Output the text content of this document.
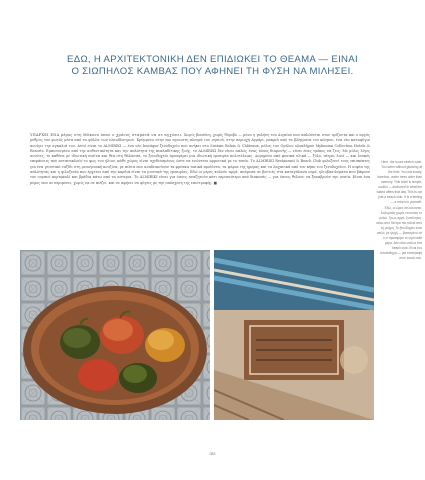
ΕΔΩ, Η ΑΡΧΙΤΕΚΤΟΝΙΚΗ ΔΕΝ ΕΠΙΔΙΩΚΕΙ ΤΟ ΘΕΑΜΑ — ΕΙΝΑΙ
Ο ΣΙΩΠΗΛΟΣ ΚΑΜΒΑΣ ΠΟΥ ΑΦΗΝΕΙ ΤΗ ΦΥΣΗ ΝΑ ΜΙΛΗΣΕΙ.

ΥΠΑΡΧΕΙ ΕΝΑ μέρος στη Μύκονο όπου ο χρόνος σταματά να σε αγχώνει. Χωρίς βιασύνη, χωρίς θόρυβο — μόνο η γαλήνη του Αιγαίου που απλώνεται στον ορίζοντα και ο αργός ρυθμός του φωτός μέσα από τα φύλλα των ελαιόδεντρων. Κρυμμένο στην πιο αγνωστη πλευρά του νησιού, στην περιοχή Αγράρι, μακριά από τα βλέμματα του κόσμου, ένα νέο καταφύγιο ανοίγει την αγκαλιά του. Αυτό είναι το ALMIRIKI — ένα νέο boutique ξενοδοχείο που ανήκει στο Sustain Relais & Châteaux, μέλος του Ομίλου ολοκλήρου Mykonian Collection Hotels & Resorts. Εμπνευσμένο από την αυθεντικότητα και την απλότητα της κυκλαδίτικης ζωής, το ALMIRIKI δεν είναι απλώς ένας τόπος διαμονής — είναι ένας τρόπος να ζεις. Με μόλις λίγες σουίτες, το καθένα με ιδιωτική πισίνα και θέα στη θάλασσα, το ξενοδοχείο προσφέρει μια ιδιωτική εμπειρία πολυτέλειας. Δομημένο από φυσικά υλικά — ξύλο, πέτρα, λινό — και λευκές επιφάνειες που αντανακλούν το φως του ήλιου, κάθε χώρος είναι σχεδιασμένος ώστε να ενώνεται αρμονικά με το τοπίο. Το ALMIRIKI Restaurant & Beach Club φιλοξενεί τους επισκέπτες για ένα γευστικό ταξίδι στη μεσογειακή κουζίνα, με πιάτα που αναδεικνύουν τα φρέσκα τοπικά προϊόντα, τα ψάρια της ημέρας και τα λαχανικά από τον κήπο του ξενοδοχείου. Η σοφία της απλότητας και η φιλοξενία που έρχεται από την καρδιά είναι τα μυστικά της εμπειρίας. Εδώ οι μέρες κυλούν αργά, ανάμεσα σε βουτιές στα καταγάλανα νερά, ηλιοβασιλέματα που βάφουν τον ουρανό πορτοκαλί και βράδια κάτω από τα αστέρια. Το ALMIRIKI είναι για όσους αναζητούν κάτι περισσότερο από διακοπές — για όσους θέλουν να ξαναβρούν την ουσία. Είναι ένα μέρος που σε περιμένει, χωρίς να σε πιέζει, και σε αφήνει να φύγεις με την υπόσχεση της επιστροφής. ■

Here, the hours stretch wide. You swim without glancing at the time. You eat slowly, barefoot, under trees older than memory. This hotel is simple, soulful — anchored in what the island offers that day. This is not just a beach club. It is a feeling — a return to yourself.

Εδώ, οι ώρες απλώνονται. Κολυμπάς χωρίς να κοιτάς το ρολόι. Τρως αργά, ξυπόλητος, κάτω από δέντρα πιο παλιά από τη μνήμη. Το ξενοδοχείο είναι απλό, με ψυχή — βασισμένο σε ό,τι προσφέρει το νησί κάθε μέρα. Δεν είναι απλώς ένα beach club. Είναι ένα συναίσθημα — μια επιστροφή στον εαυτό σου.

083
